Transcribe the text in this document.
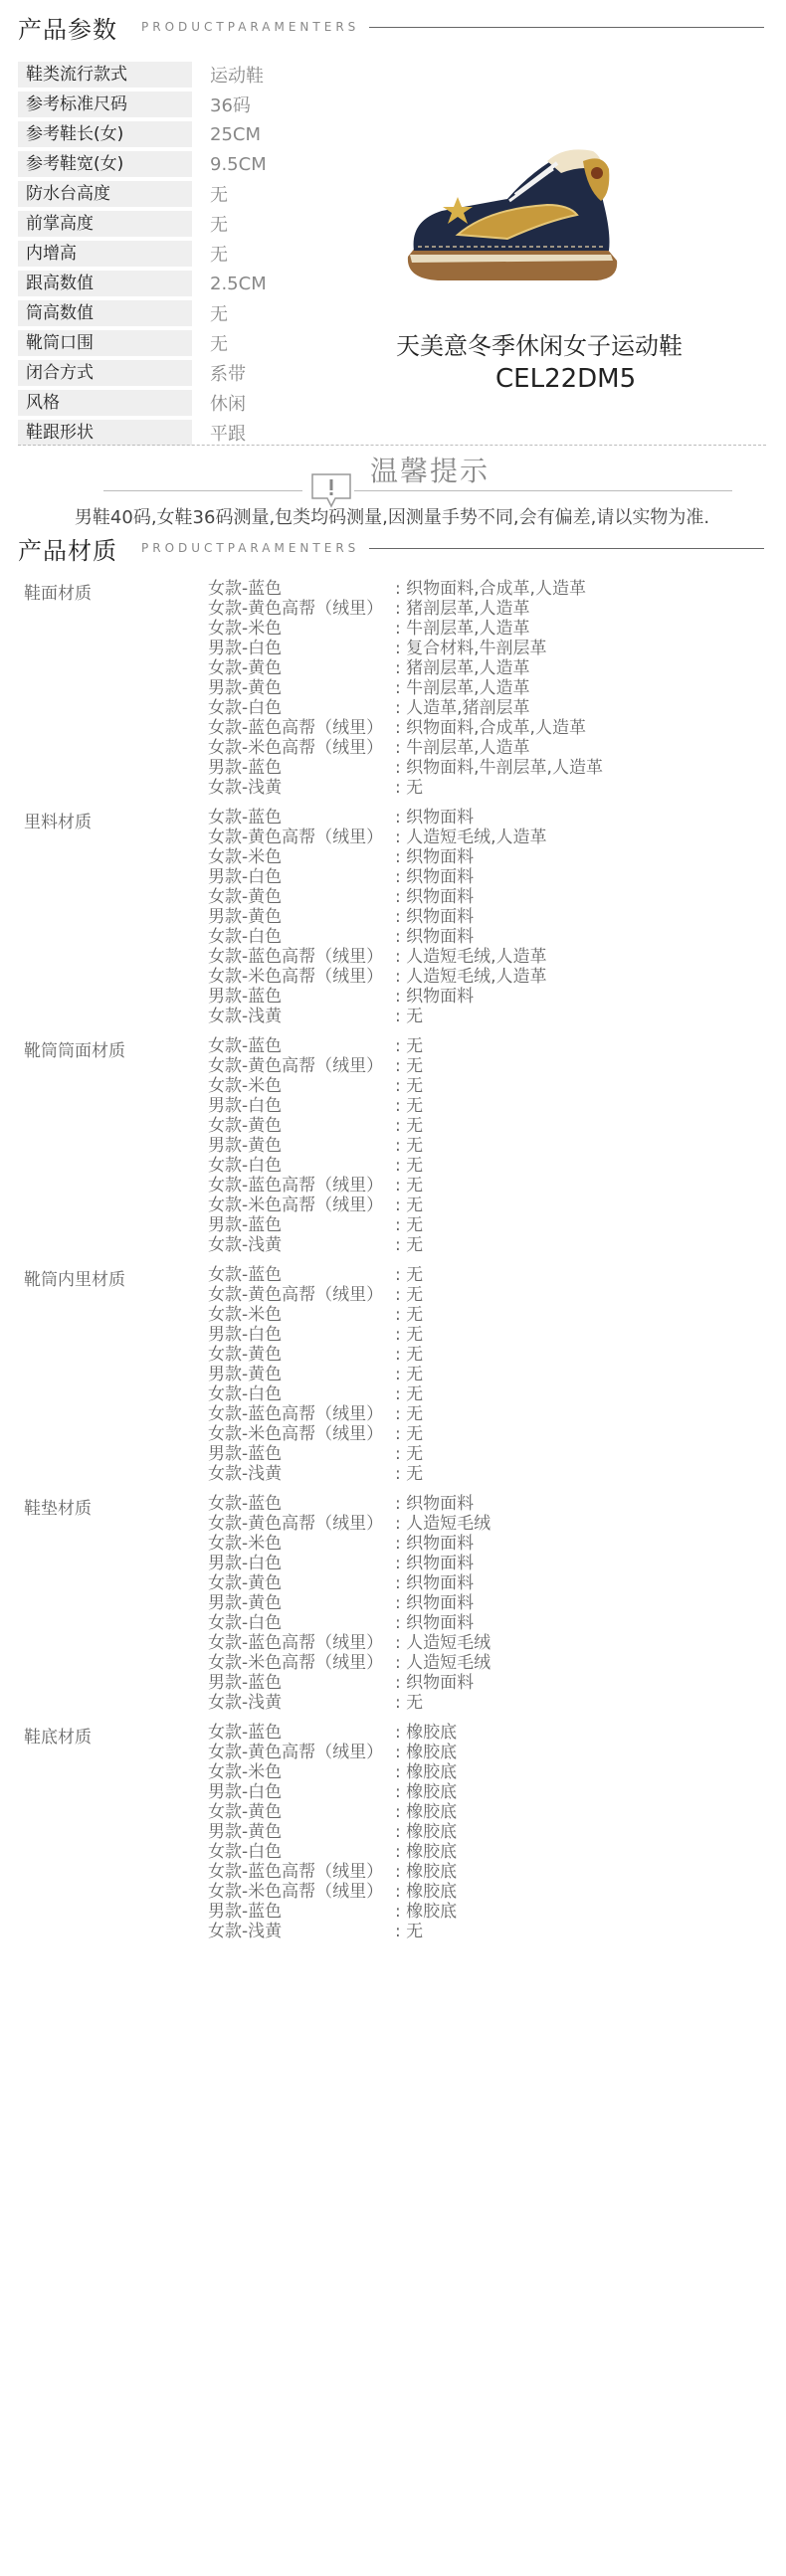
产品参数 PRODUCTPARAMENTERS
鞋类流行款式	运动鞋
参考标准尺码	36码
参考鞋长(女)	25CM
参考鞋宽(女)	9.5CM
防水台高度	无
前掌高度	无
内增高	无
跟高数值	2.5CM
筒高数值	无
靴筒口围	无
闭合方式	系带
风格	休闲
鞋跟形状	平跟
天美意冬季休闲女子运动鞋
CEL22DM5
温馨提示
男鞋40码,女鞋36码测量,包类均码测量,因测量手势不同,会有偏差,请以实物为准.
产品材质 PRODUCTPARAMENTERS
鞋面材质	女款-蓝色	: 织物面料,合成革,人造革
女款-黄色高帮（绒里） : 猪剖层革,人造革
女款-米色	: 牛剖层革,人造革
男款-白色	: 复合材料,牛剖层革
女款-黄色	: 猪剖层革,人造革
男款-黄色	: 牛剖层革,人造革
女款-白色	: 人造革,猪剖层革
女款-蓝色高帮（绒里） : 织物面料,合成革,人造革
女款-米色高帮（绒里） : 牛剖层革,人造革
男款-蓝色	: 织物面料,牛剖层革,人造革
女款-浅黄	: 无
里料材质	女款-蓝色	: 织物面料
女款-黄色高帮（绒里） : 人造短毛绒,人造革
女款-米色	: 织物面料
男款-白色	: 织物面料
女款-黄色	: 织物面料
男款-黄色	: 织物面料
女款-白色	: 织物面料
女款-蓝色高帮（绒里） : 人造短毛绒,人造革
女款-米色高帮（绒里） : 人造短毛绒,人造革
男款-蓝色	: 织物面料
女款-浅黄	: 无
靴筒筒面材质	女款-蓝色	: 无
女款-黄色高帮（绒里） : 无
女款-米色	: 无
男款-白色	: 无
女款-黄色	: 无
男款-黄色	: 无
女款-白色	: 无
女款-蓝色高帮（绒里） : 无
女款-米色高帮（绒里） : 无
男款-蓝色	: 无
女款-浅黄	: 无
靴筒内里材质	女款-蓝色	: 无
女款-黄色高帮（绒里） : 无
女款-米色	: 无
男款-白色	: 无
女款-黄色	: 无
男款-黄色	: 无
女款-白色	: 无
女款-蓝色高帮（绒里） : 无
女款-米色高帮（绒里） : 无
男款-蓝色	: 无
女款-浅黄	: 无
鞋垫材质	女款-蓝色	: 织物面料
女款-黄色高帮（绒里） : 人造短毛绒
女款-米色	: 织物面料
男款-白色	: 织物面料
女款-黄色	: 织物面料
男款-黄色	: 织物面料
女款-白色	: 织物面料
女款-蓝色高帮（绒里） : 人造短毛绒
女款-米色高帮（绒里） : 人造短毛绒
男款-蓝色	: 织物面料
女款-浅黄	: 无
鞋底材质	女款-蓝色	: 橡胶底
女款-黄色高帮（绒里） : 橡胶底
女款-米色	: 橡胶底
男款-白色	: 橡胶底
女款-黄色	: 橡胶底
男款-黄色	: 橡胶底
女款-白色	: 橡胶底
女款-蓝色高帮（绒里） : 橡胶底
女款-米色高帮（绒里） : 橡胶底
男款-蓝色	: 橡胶底
女款-浅黄	: 无
